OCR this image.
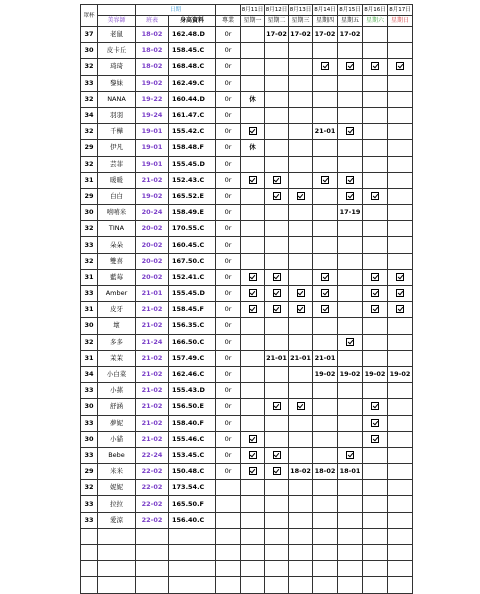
罩杯		日期			8月11日	8月12日	8月13日	8月14日	8月15日	8月16日	8月17日
	美容師	班表	身高資料	專業	星期一	星期二	星期三	星期四	星期五	星期六	星期日
37	老鼠	18-02	162.48.D	0r		17-02	17-02	17-02	17-02		
30	皮卡丘	18-02	158.45.C	0r							
32	琦琦	18-02	168.48.C	0r							
33	黎妹	19-02	162.49.C	0r							
32	NANA	19-22	160.44.D	0r	休						
34	羽羽	19-24	161.47.C	0r							
32	千樺	19-01	155.42.C	0r				21-01			
29	伊凡	19-01	158.48.F	0r	休						
32	芸菲	19-01	155.45.D	0r							
31	暖暖	21-02	152.43.C	0r							
29	白白	19-02	165.52.E	0r							
30	嘻嘻米	20-24	158.49.E	0r					17-19		
32	TINA	20-02	170.55.C	0r							
33	朵朵	20-02	160.45.C	0r							
32	雙喜	20-02	167.50.C	0r							
31	藍莓	20-02	152.41.C	0r							
33	Amber	21-01	155.45.D	0r							
31	皮牙	21-02	158.45.F	0r							
30	壞	21-02	156.35.C	0r							
32	多多	21-24	166.50.C	0r							
31	茉茉	21-02	157.49.C	0r		21-01	21-01	21-01			
34	小白菜	21-02	162.46.C	0r				19-02	19-02	19-02	19-02
33	小蓀	21-02	155.43.D	0r							
30	舒涵	21-02	156.50.E	0r							
33	夢妮	21-02	158.40.F	0r							
30	小貓	21-02	155.46.C	0r							
33	Bebe	22-24	153.45.C	0r							
29	米米	22-02	150.48.C	0r			18-02	18-02	18-01		
32	妮妮	22-02	173.54.C								
33	拉拉	22-02	165.50.F								
33	愛涼	22-02	156.40.C								
